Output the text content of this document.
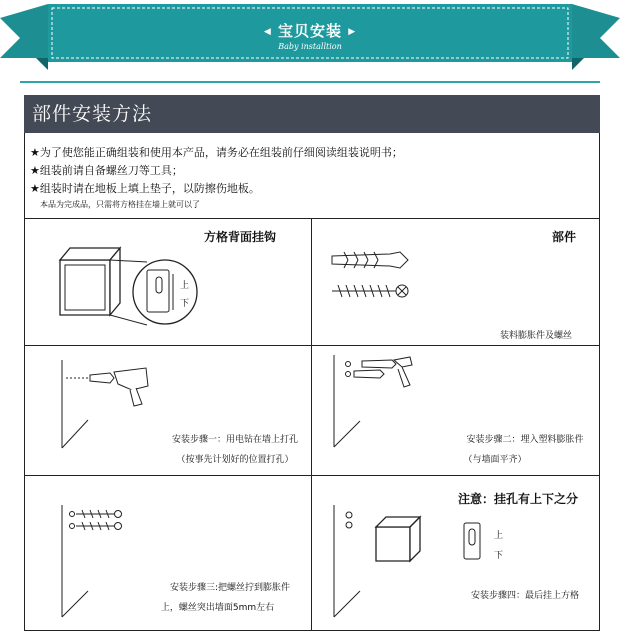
◀ 宝贝安装 ▶
Baby installtion
部件安装方法
★为了使您能正确组装和使用本产品，请务必在组装前仔细阅读组装说明书；
★组装前请自备螺丝刀等工具；
★组装时请在地板上填上垫子，以防擦伤地板。
本品为完成品，只需将方格挂在墙上就可以了
方格背面挂钩
上
下
部件
装料膨胀件及螺丝
安装步骤一：用电钻在墙上打孔
（按事先计划好的位置打孔）
安装步骤二：埋入塑料膨胀件
（与墙面平齐）
安装步骤三:把螺丝拧到膨胀件
上，螺丝突出墙面5mm左右
注意：挂孔有上下之分
上
下
安装步骤四：最后挂上方格
